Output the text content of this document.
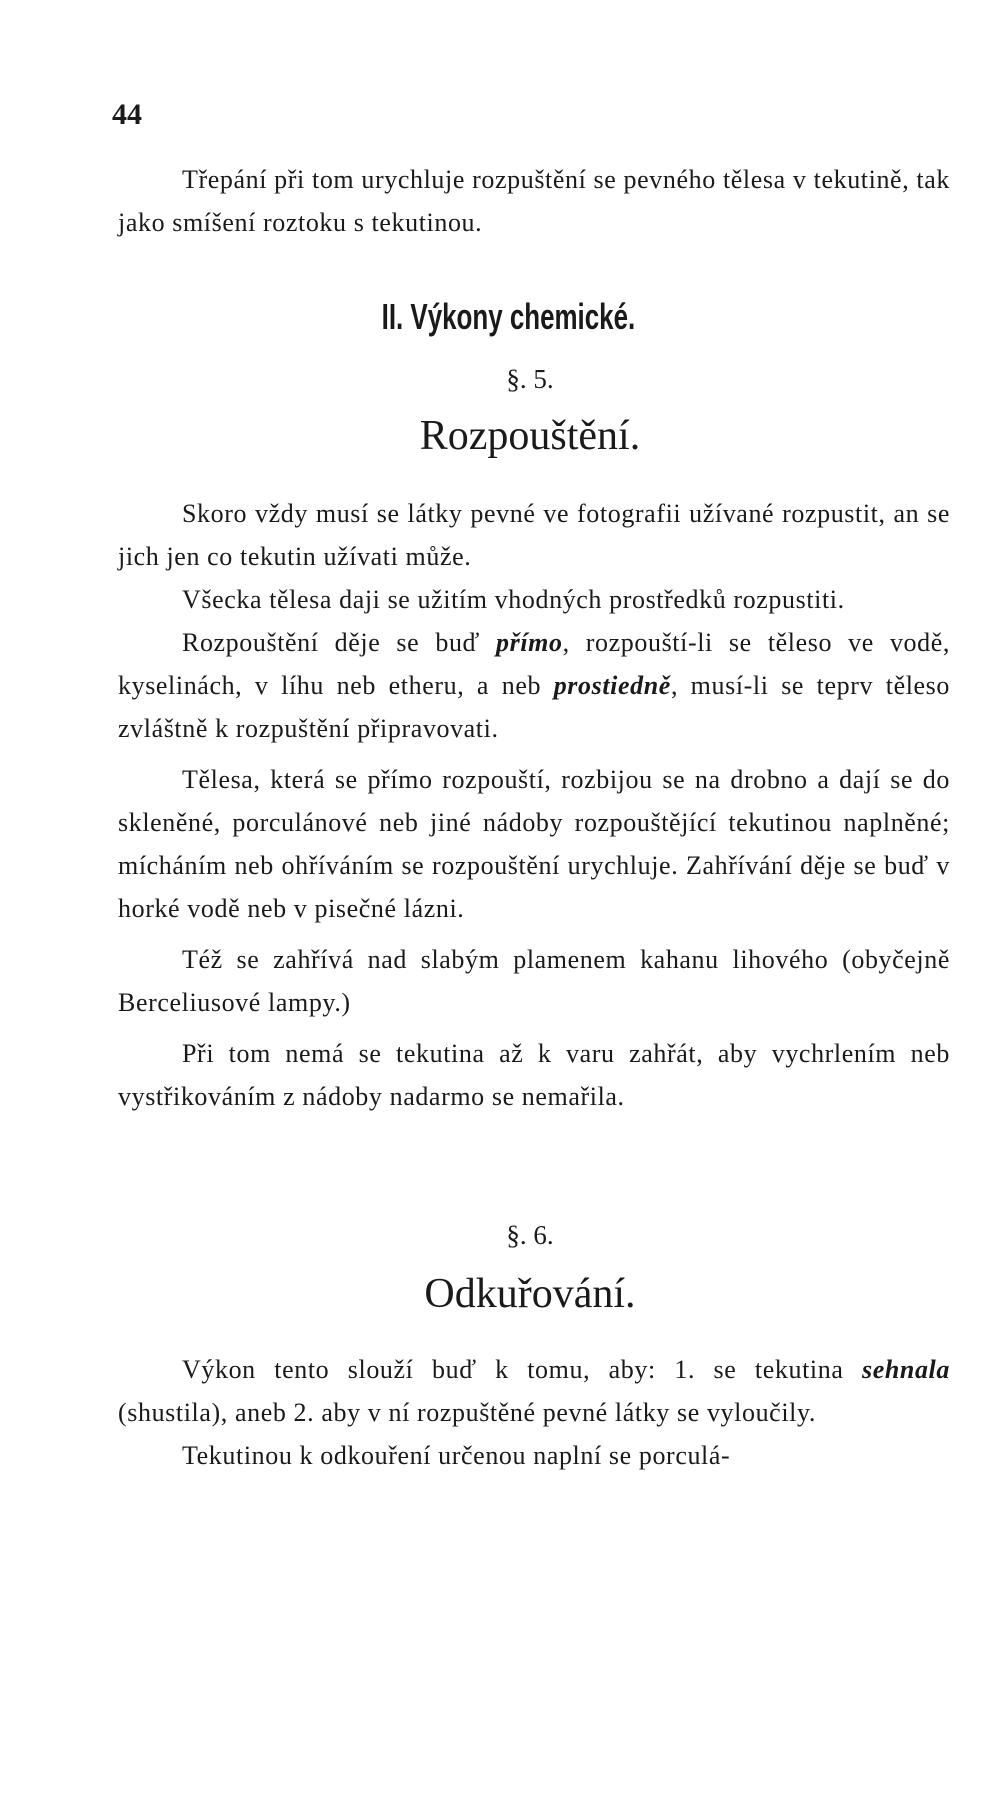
44

Třepání při tom urychluje rozpuštění se pevného tělesa v tekutině, tak jako smíšení roztoku s tekutinou.

II. Výkony chemické.
§. 5.
Rozpouštění.

Skoro vždy musí se látky pevné ve fotografii užívané rozpustit, an se jich jen co tekutin užívati může.

Všecka tělesa daji se užitím vhodných prostředků rozpustiti.

Rozpouštění děje se buď přímo, rozpouští-li se těleso ve vodě, kyselinách, v líhu neb etheru, a neb prostiedně, musí-li se teprv těleso zvláštně k rozpuštění připravovati.

Tělesa, která se přímo rozpouští, rozbijou se na drobno a dají se do skleněné, porculánové neb jiné nádoby rozpouštějící tekutinou naplněné; mícháním neb ohříváním se rozpouštění urychluje. Zahřívání děje se buď v horké vodě neb v pisečné lázni.

Též se zahřívá nad slabým plamenem kahanu lihového (obyčejně Berceliusové lampy.)

Při tom nemá se tekutina až k varu zahřát, aby vychrlením neb vystřikováním z nádoby nadarmo se nemařila.

§. 6.
Odkuřování.

Výkon tento slouží buď k tomu, aby: 1. se tekutina sehnala (shustila), aneb 2. aby v ní rozpuštěné pevné látky se vyloučily.

Tekutinou k odkouření určenou naplní se porculá-
